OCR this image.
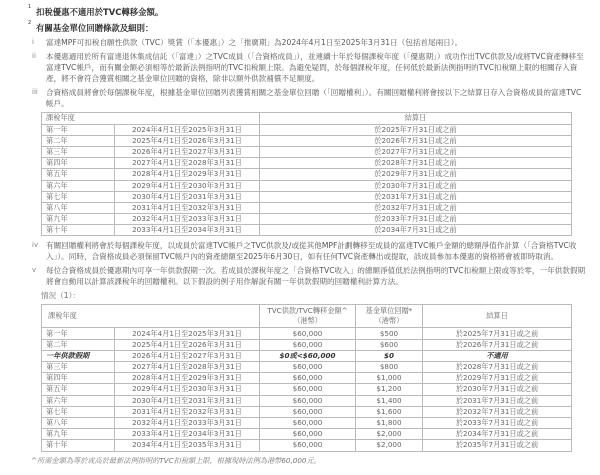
1 扣稅優惠不適用於TVC轉移金額。
2 有關基金單位回贈條款及細則：
i 富達MPF可扣稅自願性供款（TVC）獎賞（「本優惠」）之「推廣期」為2024年4月1日至2025年3月31日（包括首尾兩日）。

ii 本優惠適用於所有富達退休集成信託（「富達」）之TVC成員（「合資格成員」），並連續十年於每個課稅年度（「優惠期」）成功作出TVC供款及/或將TVC資產轉移至富達TVC帳戶，而有關金額必須相等於最新法例指明的TVC扣稅額上限。為避免疑問，於每個課稅年度，任何低於最新法例指明的TVC扣稅額上限的相關存入資產，將不會符合獲賞相關之基金單位回贈的資格，除非以額外供款補償不足額度。

iii 合資格成員將會於每個課稅年度，根據基金單位回贈列表獲賞相關之基金單位回贈（「回贈權利」）。有關回贈權利將會按以下之結算日存入合資格成員的富達TVC帳戶。

課稅年度		結算日
第一年	2024年4月1日至2025年3月31日	於2025年7月31日或之前
第二年	2025年4月1日至2026年3月31日	於2026年7月31日或之前
第三年	2026年4月1日至2027年3月31日	於2027年7月31日或之前
第四年	2027年4月1日至2028年3月31日	於2028年7月31日或之前
第五年	2028年4月1日至2029年3月31日	於2029年7月31日或之前
第六年	2029年4月1日至2030年3月31日	於2030年7月31日或之前
第七年	2030年4月1日至2031年3月31日	於2031年7月31日或之前
第八年	2031年4月1日至2032年3月31日	於2032年7月31日或之前
第九年	2032年4月1日至2033年3月31日	於2033年7月31日或之前
第十年	2033年4月1日至2034年3月31日	於2034年7月31日或之前
iv 有關回贈權利將會於每個課稅年度，以成員於富達TVC帳戶之TVC供款及/或從其他MPF計劃轉移至成員的富達TVC帳戶金額的總額淨值作計算（「合資格TVC收入」）。同時，合資格成員必須保留TVC帳戶內的資產總額至2025年6月30日，如有任何TVC資產轉出或提取，該成員參加本優惠的資格將會被即時取消。

v 每位合資格成員於優惠期內可享一年供款假期一次。若成員於課稅年度之「合資格TVC收入」的總額淨值低於法例指明的TVC扣稅額上限或等於零，一年供款假期將會自動用以計算該課稅年的回贈權利。以下假設的例子用作解說有關一年供款假期的回贈權利計算方法。

情況（1）：
課稅年度		TVC供款/TVC轉移金額^（港幣）	基金單位回贈*（港幣）	結算日
第一年	2024年4月1日至2025年3月31日	$60,000	$500	於2025年7月31日或之前
第二年	2025年4月1日至2026年3月31日	$60,000	$600	於2026年7月31日或之前
一年供款假期	2026年4月1日至2027年3月31日	$0或<$60,000	$0	不適用
第三年	2027年4月1日至2028年3月31日	$60,000	$800	於2028年7月31日或之前
第四年	2028年4月1日至2029年3月31日	$60,000	$1,000	於2029年7月31日或之前
第五年	2029年4月1日至2030年3月31日	$60,000	$1,200	於2030年7月31日或之前
第六年	2030年4月1日至2031年3月31日	$60,000	$1,400	於2031年7月31日或之前
第七年	2031年4月1日至2032年3月31日	$60,000	$1,600	於2032年7月31日或之前
第八年	2032年4月1日至2033年3月31日	$60,000	$1,800	於2033年7月31日或之前
第九年	2033年4月1日至2034年3月31日	$60,000	$2,000	於2034年7月31日或之前
第十年	2034年4月1日至2035年3月31日	$60,000	$2,000	於2035年7月31日或之前

^所需金額為等於或高於最新法例指明的TVC扣稅額上限，根據現時法例為港幣60,000元。
